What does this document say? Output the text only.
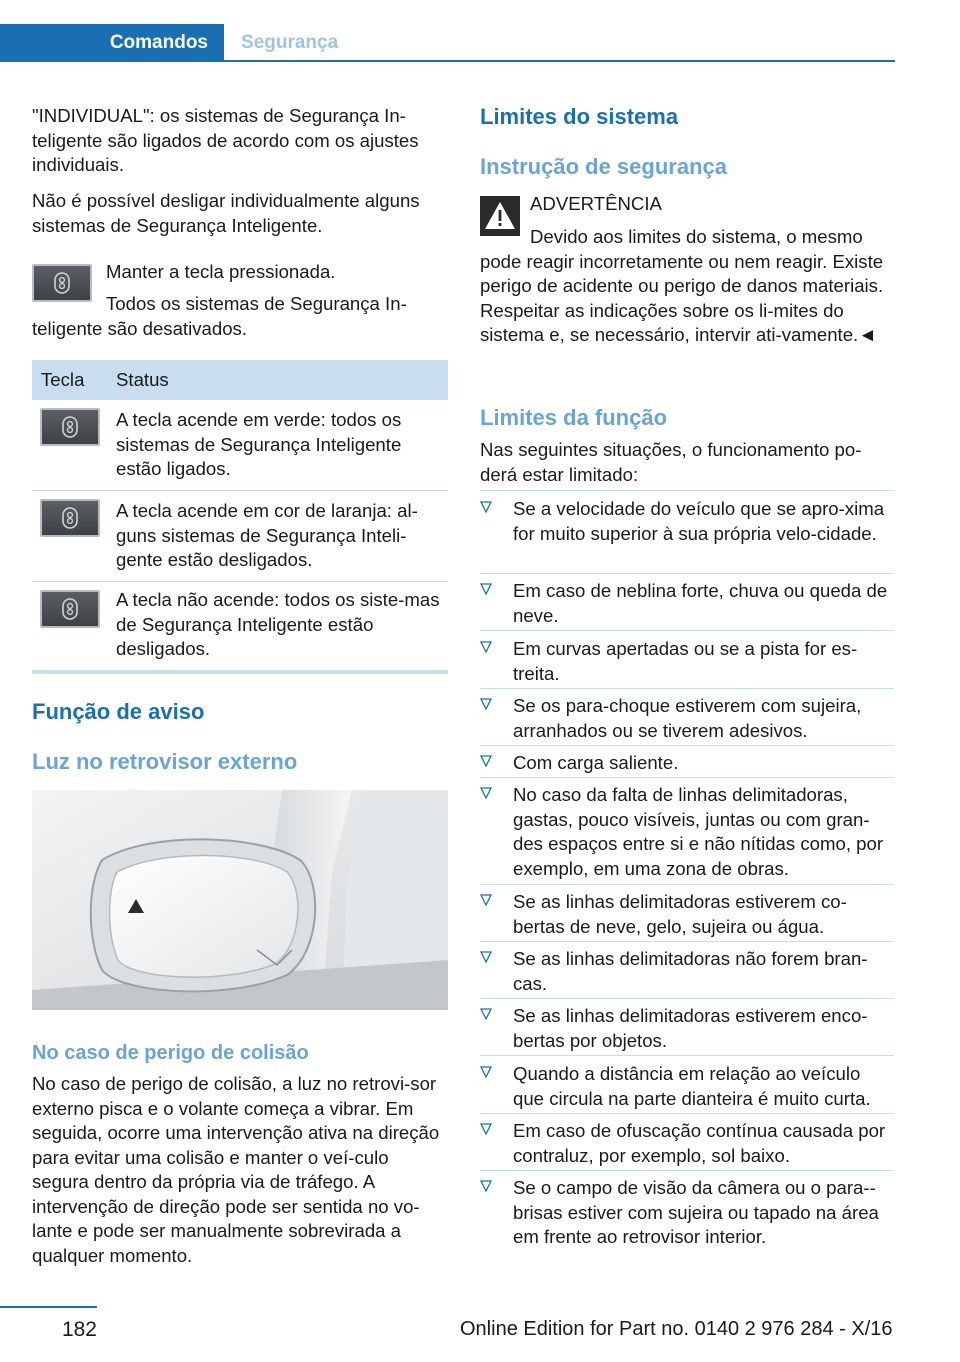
Comandos	Segurança
"INDIVIDUAL": os sistemas de Segurança In-teligente são ligados de acordo com os ajustes individuais.
Não é possível desligar individualmente alguns sistemas de Segurança Inteligente.
Manter a tecla pressionada.
Todos os sistemas de Segurança In-teligente são desativados.
Tecla Status
A tecla acende em verde: todos os sistemas de Segurança Inteligente estão ligados.
A tecla acende em cor de laranja: al-guns sistemas de Segurança Inteli-gente estão desligados.
A tecla não acende: todos os siste-mas de Segurança Inteligente estão desligados.
Função de aviso
Luz no retrovisor externo
No caso de perigo de colisão
No caso de perigo de colisão, a luz no retrovi-sor externo pisca e o volante começa a vibrar. Em seguida, ocorre uma intervenção ativa na direção para evitar uma colisão e manter o veí-culo segura dentro da própria via de tráfego. A intervenção de direção pode ser sentida no vo-lante e pode ser manualmente sobrevirada a qualquer momento.
Limites do sistema
Instrução de segurança
ADVERTÊNCIA
Devido aos limites do sistema, o mesmo pode reagir incorretamente ou nem reagir. Existe perigo de acidente ou perigo de danos materiais. Respeitar as indicações sobre os li-mites do sistema e, se necessário, intervir ati-vamente.◄
Limites da função
Nas seguintes situações, o funcionamento po-derá estar limitado:
Se a velocidade do veículo que se apro-xima for muito superior à sua própria velo-cidade.
Em caso de neblina forte, chuva ou queda de neve.
Em curvas apertadas ou se a pista for es-treita.
Se os para-choque estiverem com sujeira, arranhados ou se tiverem adesivos.
Com carga saliente.
No caso da falta de linhas delimitadoras, gastas, pouco visíveis, juntas ou com gran-des espaços entre si e não nítidas como, por exemplo, em uma zona de obras.
Se as linhas delimitadoras estiverem co-bertas de neve, gelo, sujeira ou água.
Se as linhas delimitadoras não forem bran-cas.
Se as linhas delimitadoras estiverem enco-bertas por objetos.
Quando a distância em relação ao veículo que circula na parte dianteira é muito curta.
Em caso de ofuscação contínua causada por contraluz, por exemplo, sol baixo.
Se o campo de visão da câmera ou o para--brisas estiver com sujeira ou tapado na área em frente ao retrovisor interior.
182	Online Edition for Part no. 0140 2 976 284 - X/16
